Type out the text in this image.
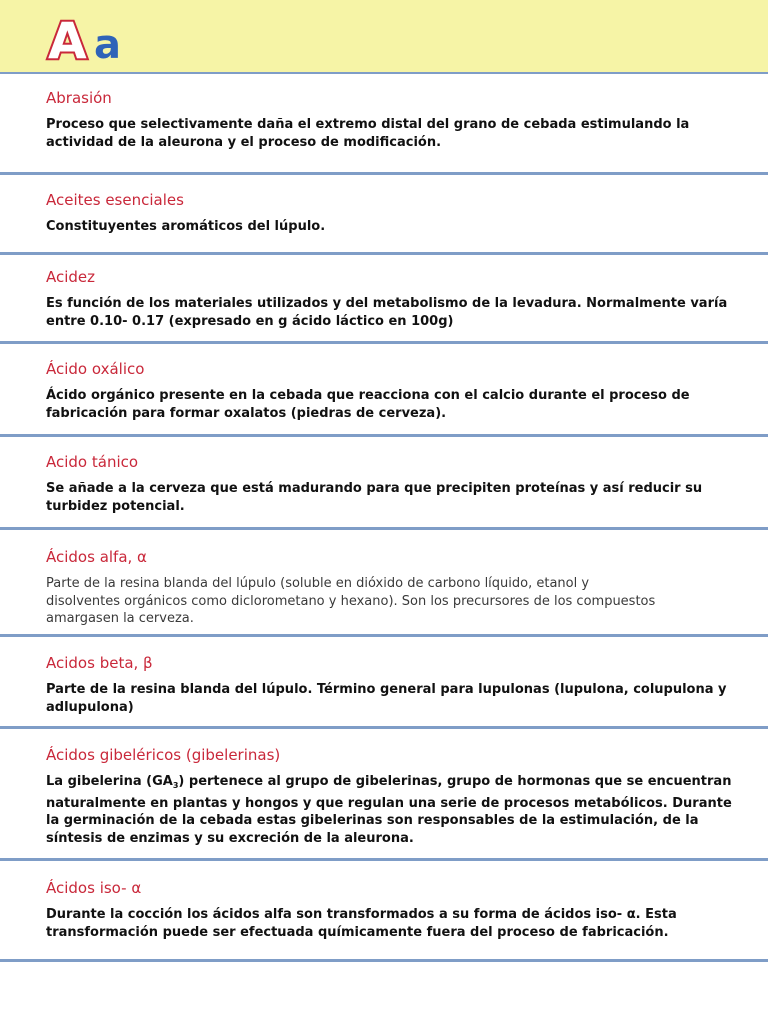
A a
Abrasión

Proceso que selectivamente daña el extremo distal del grano de cebada estimulando la
actividad de la aleurona y el proceso de modificación.

Aceites esenciales

Constituyentes aromáticos del lúpulo.

Acidez

Es función de los materiales utilizados y del metabolismo de la levadura. Normalmente varía
entre 0.10- 0.17 (expresado en g ácido láctico en 100g)

Ácido oxálico

Ácido orgánico presente en la cebada que reacciona con el calcio durante el proceso de
fabricación para formar oxalatos (piedras de cerveza).

Acido tánico

Se añade a la cerveza que está madurando para que precipiten proteínas y así reducir su
turbidez potencial.

Ácidos alfa, α

Parte de la resina blanda del lúpulo (soluble en dióxido de carbono líquido, etanol y
disolventes orgánicos como diclorometano y hexano). Son los precursores de los compuestos
amargasen la cerveza.

Acidos beta, β

Parte de la resina blanda del lúpulo. Término general para lupulonas (lupulona, colupulona y
adlupulona)

Ácidos gibeléricos (gibelerinas)

La gibelerina $(GA_3)$ pertenece al grupo de gibelerinas, grupo de hormonas que se encuentran
naturalmente en plantas y hongos y que regulan una serie de procesos metabólicos. Durante
la germinación de la cebada estas gibelerinas son responsables de la estimulación, de la
síntesis de enzimas y su excreción de la aleurona.

Ácidos iso- α

Durante la cocción los ácidos alfa son transformados a su forma de ácidos iso- α. Esta
transformación puede ser efectuada químicamente fuera del proceso de fabricación.
